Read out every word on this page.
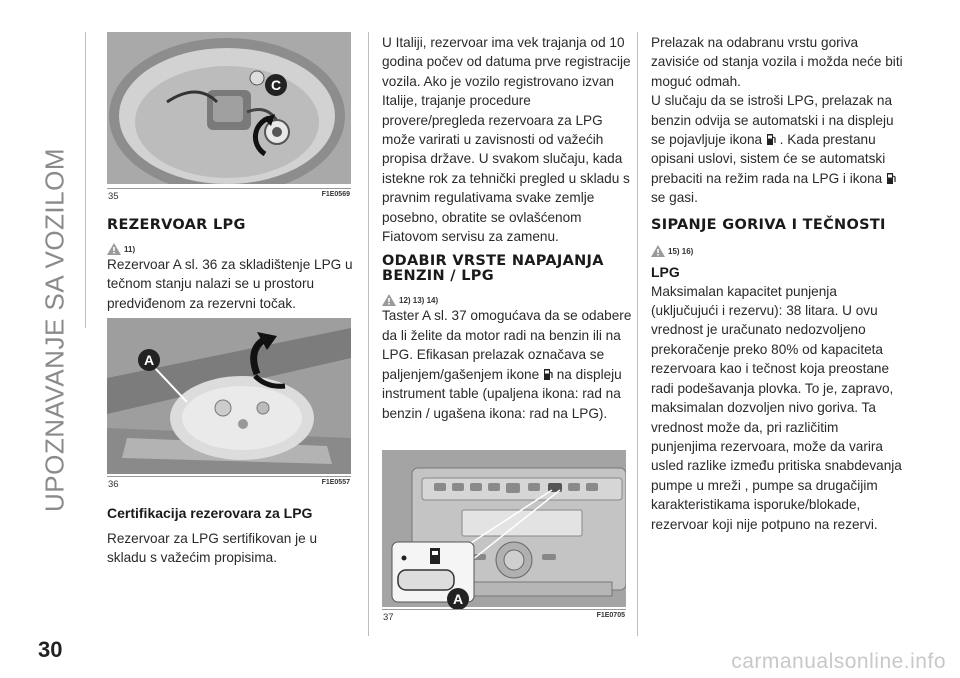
UPOZNAVANJE SA VOZILOM
30
C
35	F1E0569
REZERVOAR LPG
11)

Rezervoar A sl. 36 za skladištenje LPG u tečnom stanju nalazi se u prostoru predviđenom za rezervni točak.

A
36	F1E0557
Certifikacija rezerovara za LPG

Rezervoar za LPG sertifikovan je u skladu s važećim propisima.

U Italiji, rezervoar ima vek trajanja od 10 godina počev od datuma prve registracije vozila. Ako je vozilo registrovano izvan Italije, trajanje procedure provere/pregleda rezervoara za LPG može varirati u zavisnosti od važećih propisa države. U svakom slučaju, kada istekne rok za tehnički pregled u skladu s pravnim regulativama svake zemlje posebno, obratite se ovlašćenom Fiatovom servisu za zamenu.

ODABIR VRSTE NAPAJANJA BENZIN / LPG
12) 13) 14)

Taster A sl. 37 omogućava da se odabere da li želite da motor radi na benzin ili na LPG. Efikasan prelazak označava se paljenjem/gašenjem ikone na displeju instrument table (upaljena ikona: rad na benzin / ugašena ikona: rad na LPG).

A
37	F1E0705

Prelazak na odabranu vrstu goriva zavisiće od stanja vozila i možda neće biti moguć odmah.

U slučaju da se istroši LPG, prelazak na benzin odvija se automatski i na displeju se pojavljuje ikona . Kada prestanu opisani uslovi, sistem će se automatski prebaciti na režim rada na LPG i ikona  se gasi.

SIPANJE GORIVA I TEČNOSTI
15) 16)
LPG

Maksimalan kapacitet punjenja (uključujući i rezervu): 38 litara. U ovu vrednost je uračunato nedozvoljeno prekoračenje preko 80% od kapaciteta rezervoara kao i tečnost koja preostane radi podešavanja plovka. To je, zapravo, maksimalan dozvoljen nivo goriva. Ta vrednost može da, pri različitim punjenjima rezervoara, može da varira usled razlike između pritiska snabdevanja pumpe u mreži , pumpe sa drugačijim karakteristikama isporuke/blokade, rezervoar koji nije potpuno na rezervi.

carmanualsonline.info
